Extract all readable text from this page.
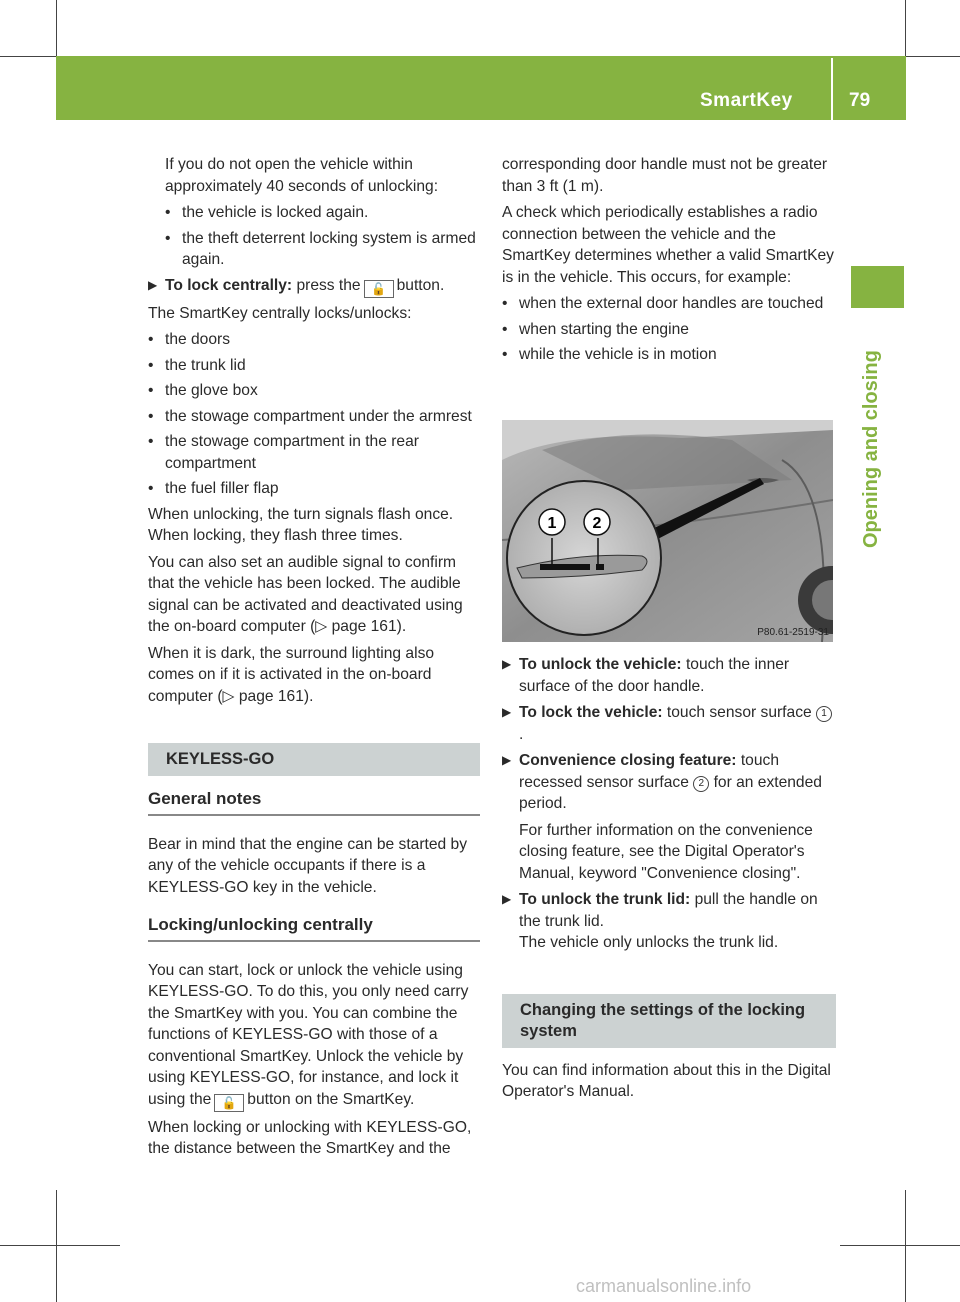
SmartKey	79
Opening and closing

If you do not open the vehicle within approximately 40 seconds of unlocking:

• the vehicle is locked again.
• the theft deterrent locking system is armed again.
▶ To lock centrally: press the 🔓 button.

The SmartKey centrally locks/unlocks:

• the doors
• the trunk lid
• the glove box
• the stowage compartment under the armrest
• the stowage compartment in the rear compartment
• the fuel filler flap

When unlocking, the turn signals flash once. When locking, they flash three times.

You can also set an audible signal to confirm that the vehicle has been locked. The audible signal can be activated and deactivated using the on-board computer (▷ page 161).

When it is dark, the surround lighting also comes on if it is activated in the on-board computer (▷ page 161).

KEYLESS-GO
General notes

Bear in mind that the engine can be started by any of the vehicle occupants if there is a KEYLESS-GO key in the vehicle.

Locking/unlocking centrally

You can start, lock or unlock the vehicle using KEYLESS-GO. To do this, you only need carry the SmartKey with you. You can combine the functions of KEYLESS-GO with those of a conventional SmartKey. Unlock the vehicle by using KEYLESS-GO, for instance, and lock it using the 🔓 button on the SmartKey.

When locking or unlocking with KEYLESS-GO, the distance between the SmartKey and the

corresponding door handle must not be greater than 3 ft (1 m).

A check which periodically establishes a radio connection between the vehicle and the SmartKey determines whether a valid SmartKey is in the vehicle. This occurs, for example:

• when the external door handles are touched
• when starting the engine
• while the vehicle is in motion
1 2
P80.61-2519-31
▶ To unlock the vehicle: touch the inner surface of the door handle.
▶ To lock the vehicle: touch sensor surface 1.
▶ Convenience closing feature: touch recessed sensor surface 2 for an extended period.

For further information on the convenience closing feature, see the Digital Operator's Manual, keyword "Convenience closing".

▶ To unlock the trunk lid: pull the handle on the trunk lid.
The vehicle only unlocks the trunk lid.
Changing the settings of the locking system

You can find information about this in the Digital Operator's Manual.

carmanualsonline.info
